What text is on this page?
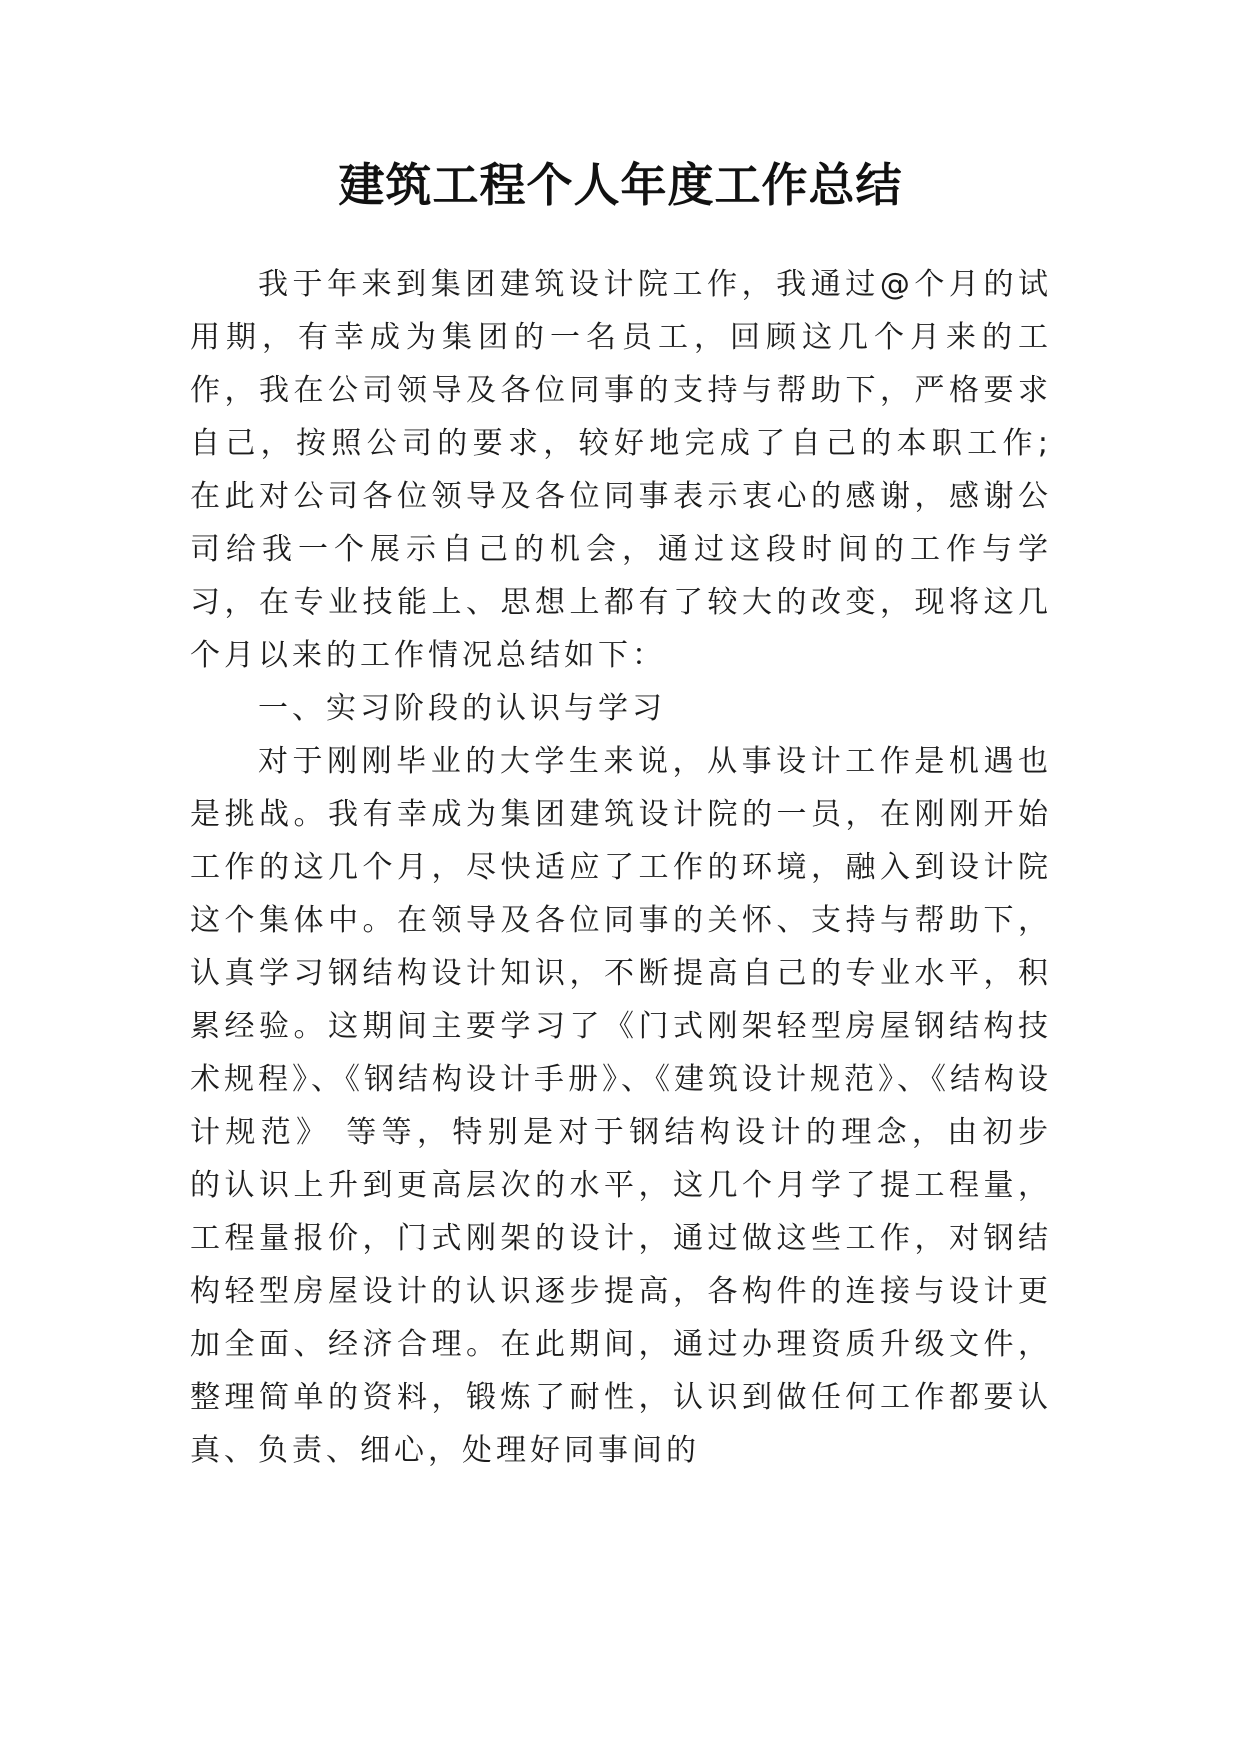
建筑工程个人年度工作总结

我于年来到集团建筑设计院工作，我通过@个月的试用期，有幸成为集团的一名员工，回顾这几个月来的工作，我在公司领导及各位同事的支持与帮助下，严格要求自己，按照公司的要求，较好地完成了自己的本职工作;在此对公司各位领导及各位同事表示衷心的感谢，感谢公司给我一个展示自己的机会，通过这段时间的工作与学习，在专业技能上、思想上都有了较大的改变，现将这几个月以来的工作情况总结如下：

一、实习阶段的认识与学习

对于刚刚毕业的大学生来说，从事设计工作是机遇也是挑战。我有幸成为集团建筑设计院的一员，在刚刚开始工作的这几个月，尽快适应了工作的环境，融入到设计院这个集体中。在领导及各位同事的关怀、支持与帮助下，认真学习钢结构设计知识，不断提高自己的专业水平，积累经验。这期间主要学习了《门式刚架轻型房屋钢结构技术规程》、《钢结构设计手册》、《建筑设计规范》、《结构设计规范》 等等，特别是对于钢结构设计的理念，由初步的认识上升到更高层次的水平，这几个月学了提工程量，工程量报价，门式刚架的设计，通过做这些工作，对钢结构轻型房屋设计的认识逐步提高，各构件的连接与设计更加全面、经济合理。在此期间，通过办理资质升级文件，整理简单的资料，锻炼了耐性，认识到做任何工作都要认真、负责、细心，处理好同事间的
